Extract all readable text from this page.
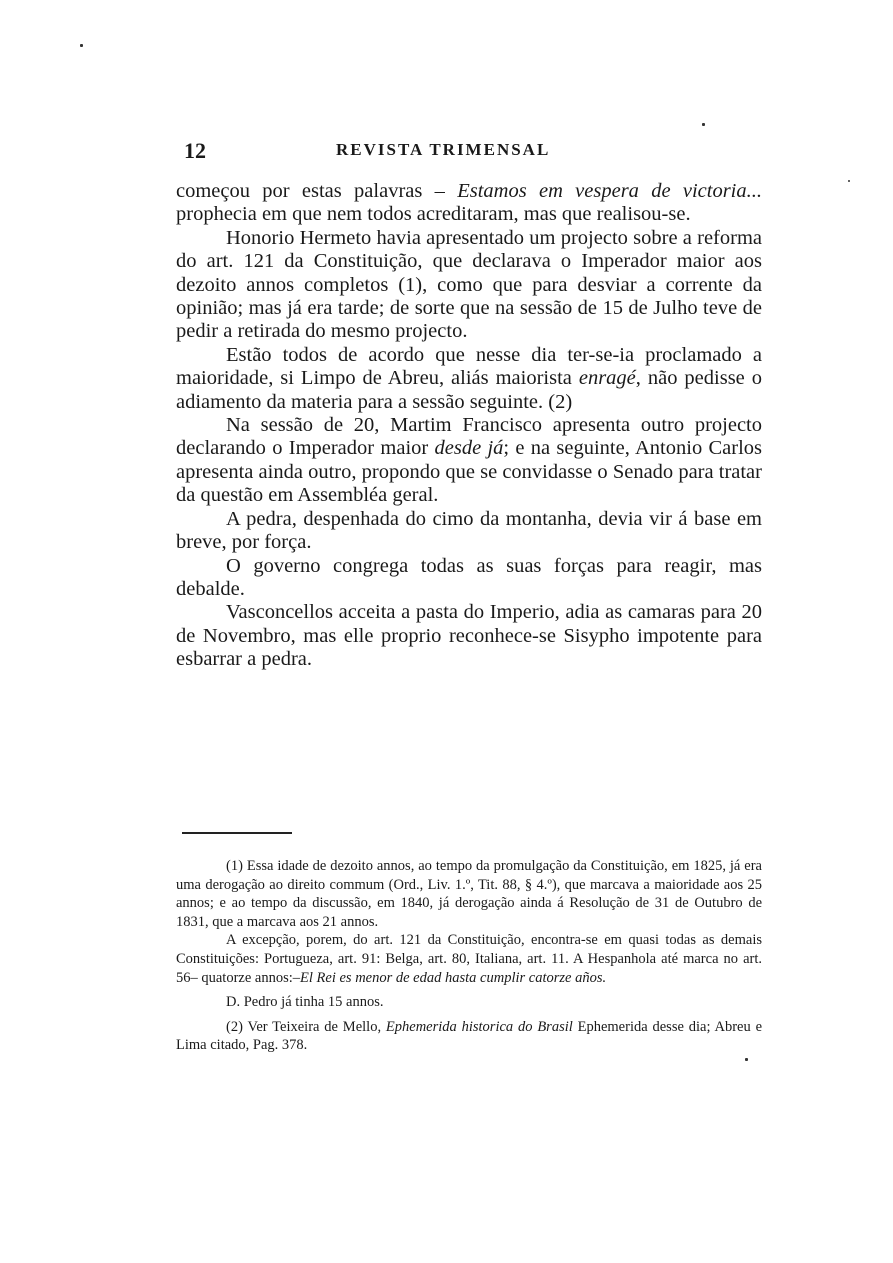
12	REVISTA TRIMENSAL

começou por estas palavras – Estamos em vespera de victoria... prophecia em que nem todos acreditaram, mas que realisou-se.

Honorio Hermeto havia apresentado um projecto sobre a reforma do art. 121 da Constituição, que declarava o Imperador maior aos dezoito annos completos (1), como que para desviar a corrente da opinião; mas já era tarde; de sorte que na sessão de 15 de Julho teve de pedir a retirada do mesmo projecto.

Estão todos de acordo que nesse dia ter-se-ia proclamado a maioridade, si Limpo de Abreu, aliás maiorista enragé, não pedisse o adiamento da materia para a sessão seguinte. (2)

Na sessão de 20, Martim Francisco apresenta outro projecto declarando o Imperador maior desde já; e na seguinte, Antonio Carlos apresenta ainda outro, propondo que se convidasse o Senado para tratar da questão em Assembléa geral.

A pedra, despenhada do cimo da montanha, devia vir á base em breve, por força.

O governo congrega todas as suas forças para reagir, mas debalde.

Vasconcellos acceita a pasta do Imperio, adia as camaras para 20 de Novembro, mas elle proprio reconhece-se Sisypho impotente para esbarrar a pedra.

(1) Essa idade de dezoito annos, ao tempo da promulgação da Constituição, em 1825, já era uma derogação ao direito commum (Ord., Liv. 1.º, Tit. 88, § 4.º), que marcava a maioridade aos 25 annos; e ao tempo da discussão, em 1840, já derogação ainda á Resolução de 31 de Outubro de 1831, que a marcava aos 21 annos.

A excepção, porem, do art. 121 da Constituição, encontra-se em quasi todas as demais Constituições: Portugueza, art. 91: Belga, art. 80, Italiana, art. 11. A Hespanhola até marca no art. 56– quatorze annos:–El Rei es menor de edad hasta cumplir catorze años.

D. Pedro já tinha 15 annos.

(2) Ver Teixeira de Mello, Ephemerida historica do Brasil Ephemerida desse dia; Abreu e Lima citado, Pag. 378.
